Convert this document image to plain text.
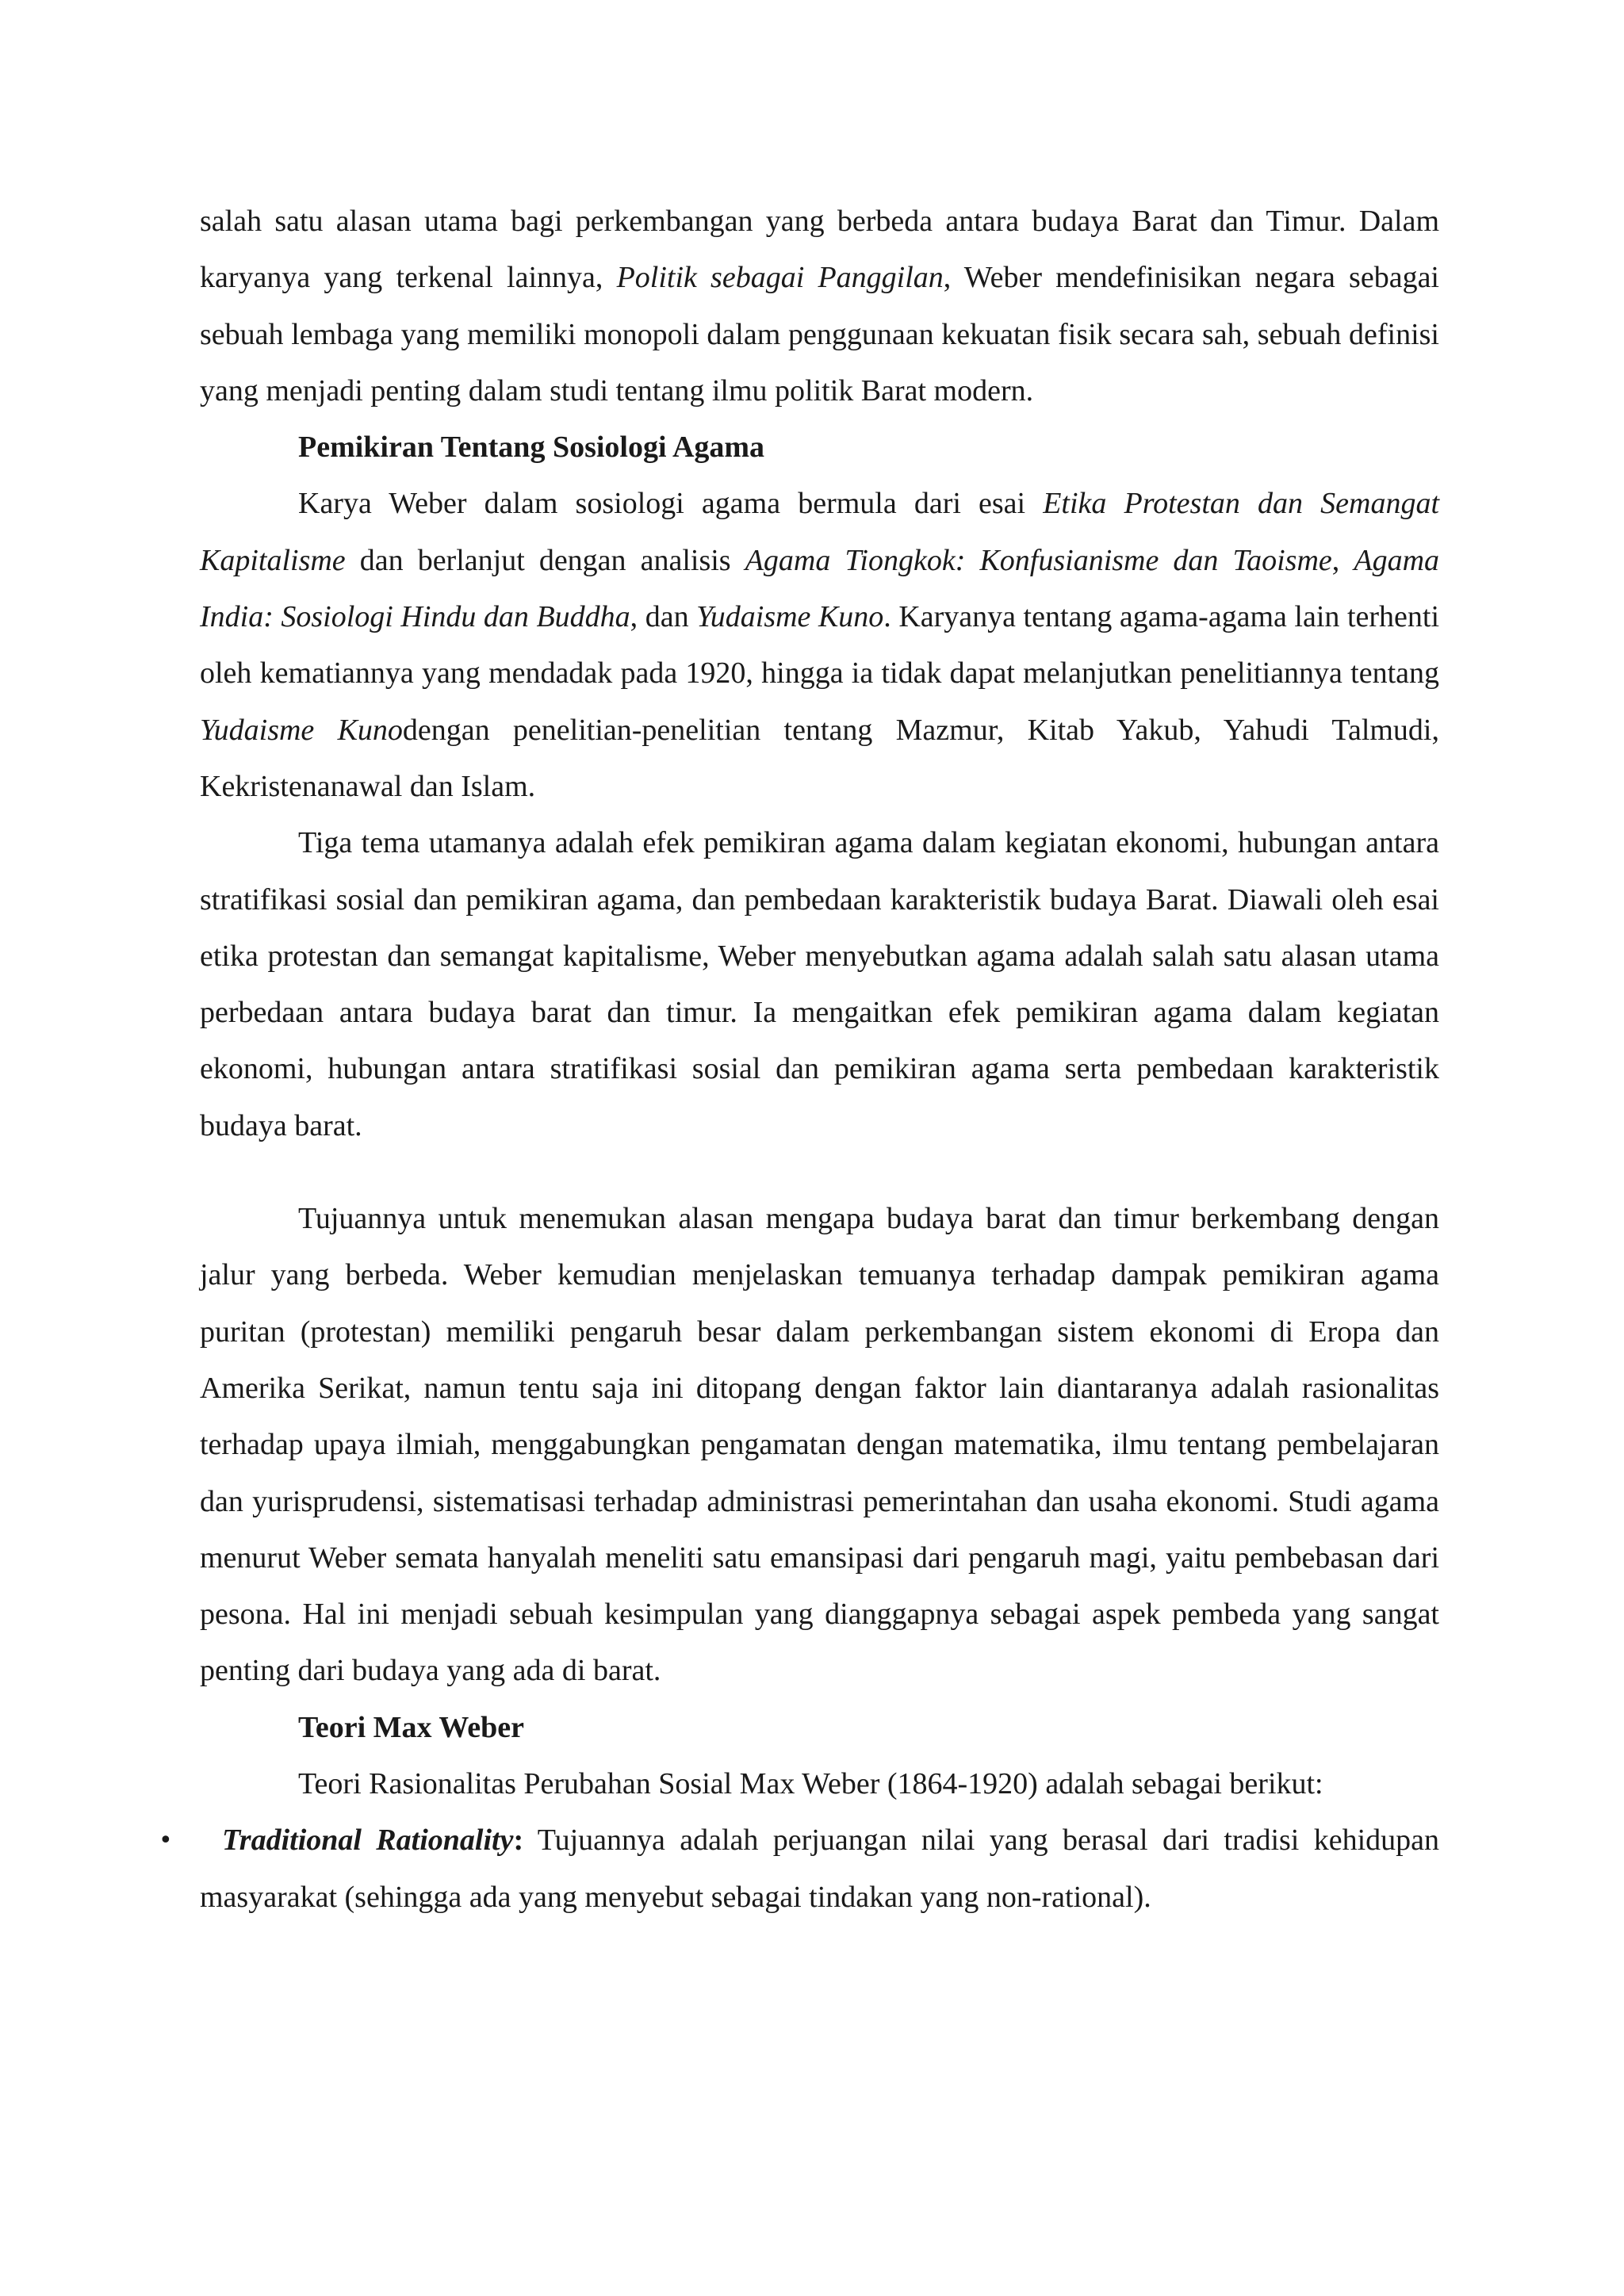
salah satu alasan utama bagi perkembangan yang berbeda antara budaya Barat dan Timur. Dalam karyanya yang terkenal lainnya, Politik sebagai Panggilan, Weber mendefinisikan negara sebagai sebuah lembaga yang memiliki monopoli dalam penggunaan kekuatan fisik secara sah, sebuah definisi yang menjadi penting dalam studi tentang ilmu politik Barat modern.

Pemikiran Tentang Sosiologi Agama

Karya Weber dalam sosiologi agama bermula dari esai Etika Protestan dan Semangat Kapitalisme dan berlanjut dengan analisis Agama Tiongkok: Konfusianisme dan Taoisme, Agama India: Sosiologi Hindu dan Buddha, dan Yudaisme Kuno. Karyanya tentang agama-agama lain terhenti oleh kematiannya yang mendadak pada 1920, hingga ia tidak dapat melanjutkan penelitiannya tentang Yudaisme Kunodengan penelitian-penelitian tentang Mazmur, Kitab Yakub, Yahudi Talmudi, Kekristenanawal dan Islam.

Tiga tema utamanya adalah efek pemikiran agama dalam kegiatan ekonomi, hubungan antara stratifikasi sosial dan pemikiran agama, dan pembedaan karakteristik budaya Barat. Diawali oleh esai etika protestan dan semangat kapitalisme, Weber menyebutkan agama adalah salah satu alasan utama perbedaan antara budaya barat dan timur. Ia mengaitkan efek pemikiran agama dalam kegiatan ekonomi, hubungan antara stratifikasi sosial dan pemikiran agama serta pembedaan karakteristik budaya barat.

Tujuannya untuk menemukan alasan mengapa budaya barat dan timur berkembang dengan jalur yang berbeda. Weber kemudian menjelaskan temuanya terhadap dampak pemikiran agama puritan (protestan) memiliki pengaruh besar dalam perkembangan sistem ekonomi di Eropa dan Amerika Serikat, namun tentu saja ini ditopang dengan faktor lain diantaranya adalah rasionalitas terhadap upaya ilmiah, menggabungkan pengamatan dengan matematika, ilmu tentang pembelajaran dan yurisprudensi, sistematisasi terhadap administrasi pemerintahan dan usaha ekonomi. Studi agama menurut Weber semata hanyalah meneliti satu emansipasi dari pengaruh magi, yaitu pembebasan dari pesona. Hal ini menjadi sebuah kesimpulan yang dianggapnya sebagai aspek pembeda yang sangat penting dari budaya yang ada di barat.

Teori Max Weber

Teori Rasionalitas Perubahan Sosial Max Weber (1864-1920) adalah sebagai berikut:

•	Traditional Rationality: Tujuannya adalah perjuangan nilai yang berasal dari tradisi kehidupan masyarakat (sehingga ada yang menyebut sebagai tindakan yang non-rational).
